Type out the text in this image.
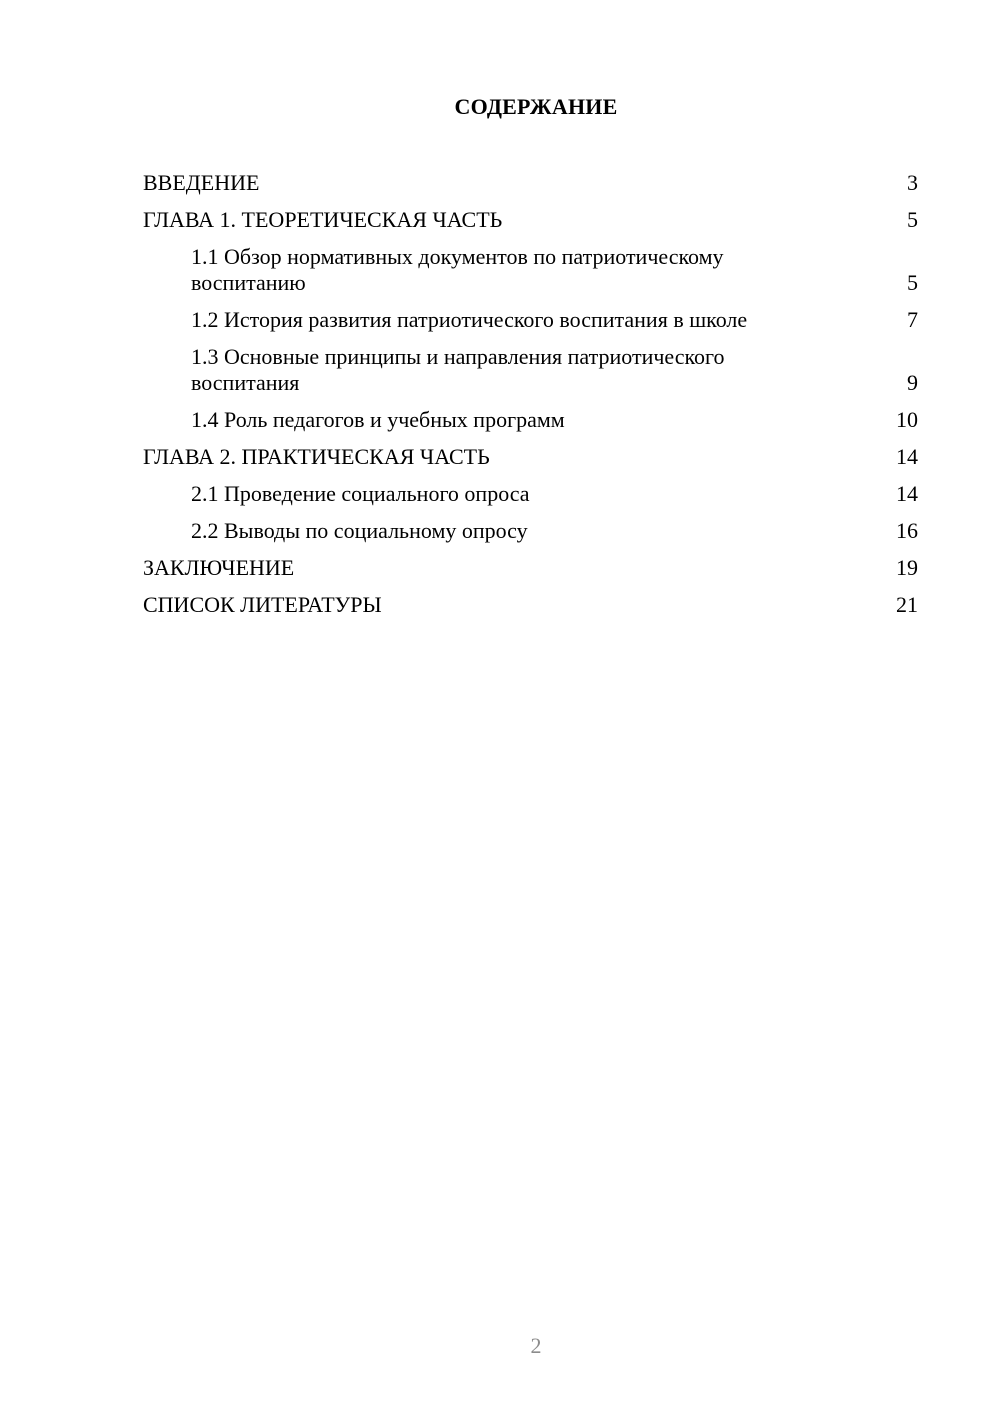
СОДЕРЖАНИЕ
ВВЕДЕНИЕ	3
ГЛАВА 1. ТЕОРЕТИЧЕСКАЯ ЧАСТЬ	5
1.1 Обзор нормативных документов по патриотическому воспитанию	5
1.2 История развития патриотического воспитания в школе	7
1.3 Основные принципы и направления патриотического воспитания	9
1.4 Роль педагогов и учебных программ	10
ГЛАВА 2. ПРАКТИЧЕСКАЯ ЧАСТЬ	14
2.1 Проведение социального опроса	14
2.2 Выводы по социальному опросу	16
ЗАКЛЮЧЕНИЕ	19
СПИСОК ЛИТЕРАТУРЫ	21
2
